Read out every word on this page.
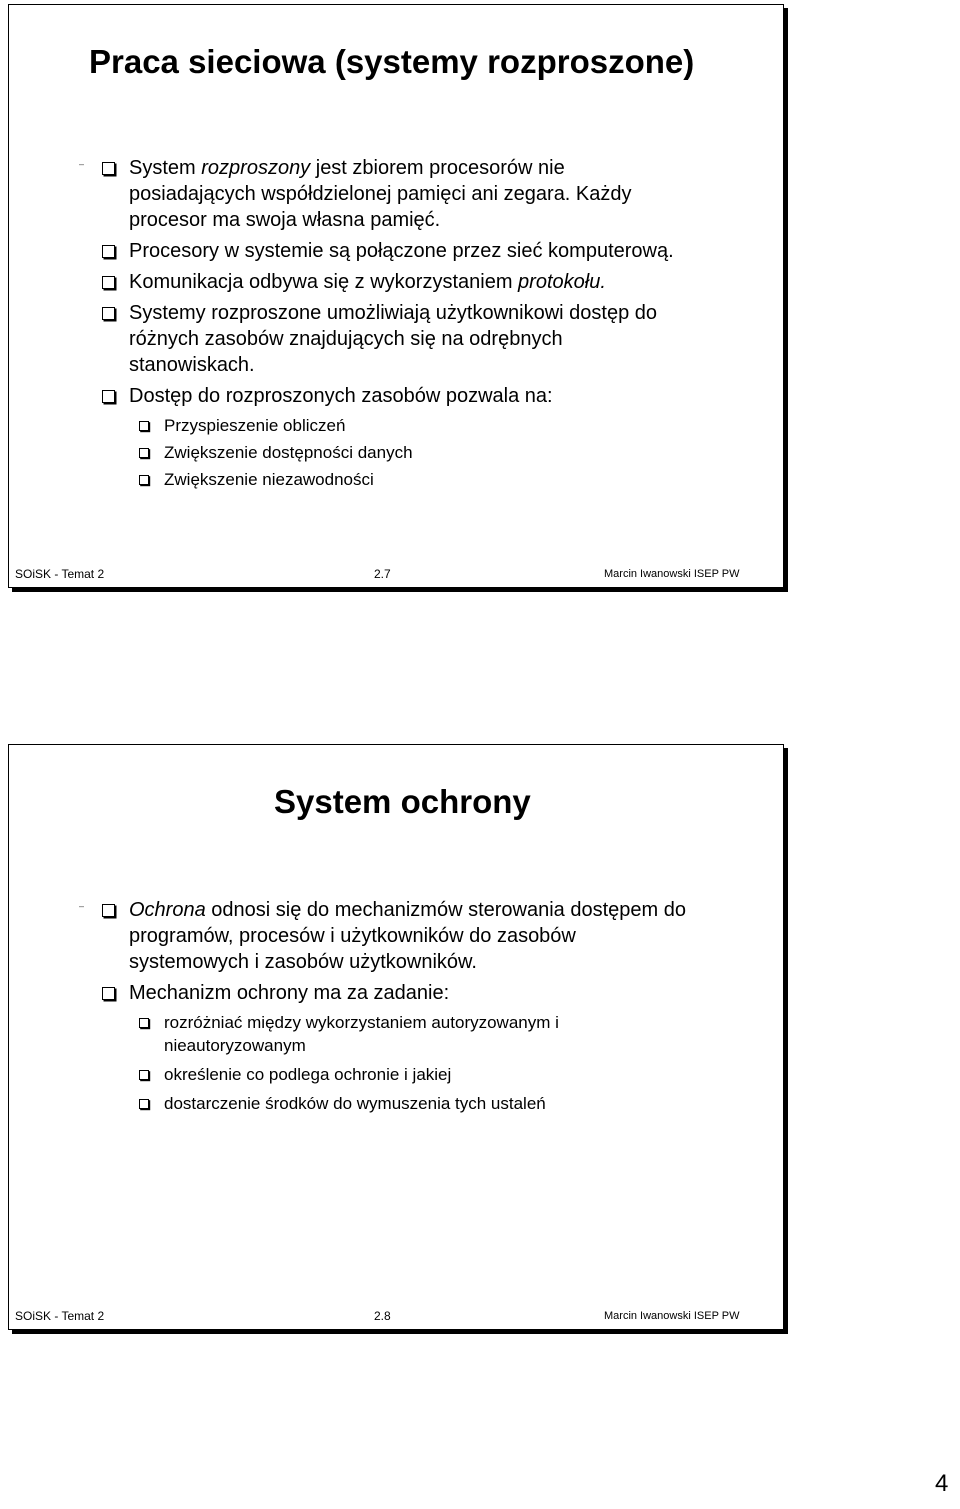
Praca sieciowa (systemy rozproszone)
–	System rozproszony jest zbiorem procesorów nie posiadających współdzielonej pamięci ani zegara. Każdy procesor ma swoja własna pamięć.
Procesory w systemie są połączone przez sieć komputerową.
Komunikacja odbywa się z wykorzystaniem protokołu.
Systemy rozproszone umożliwiają użytkownikowi dostęp do różnych zasobów znajdujących się na odrębnych stanowiskach.
Dostęp do rozproszonych zasobów pozwala na:
Przyspieszenie obliczeń
Zwiększenie dostępności danych
Zwiększenie niezawodności
SOiSK - Temat 2	2.7	Marcin Iwanowski ISEP PW
System ochrony
–	Ochrona odnosi się do mechanizmów sterowania dostępem do programów, procesów i użytkowników do zasobów systemowych i zasobów użytkowników.
Mechanizm ochrony ma za zadanie:
rozróżniać między wykorzystaniem autoryzowanym i nieautoryzowanym
określenie co podlega ochronie i jakiej
dostarczenie środków do wymuszenia tych ustaleń
SOiSK - Temat 2	2.8	Marcin Iwanowski ISEP PW
4
